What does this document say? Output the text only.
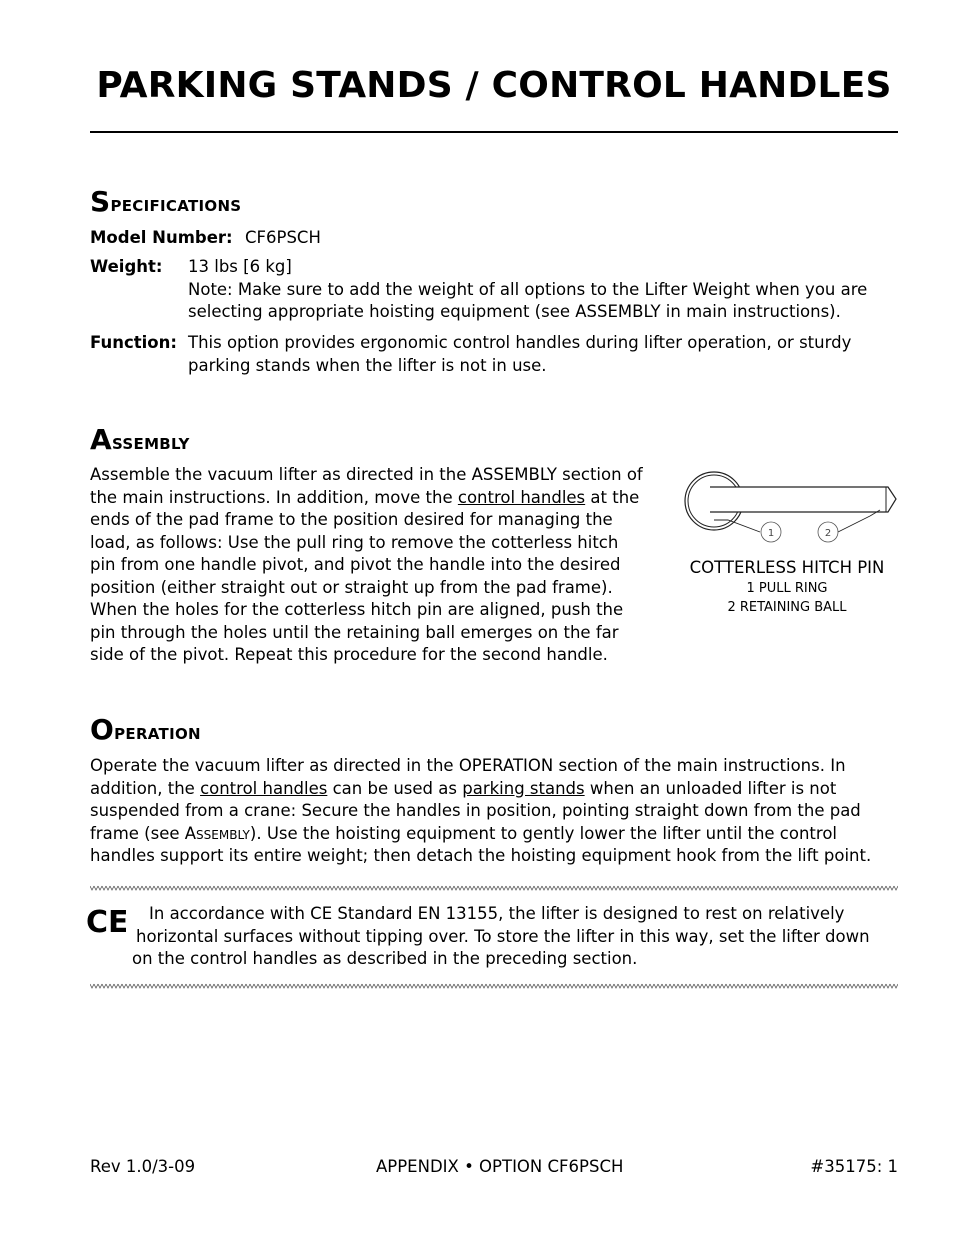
PARKING STANDS / CONTROL HANDLES
Specifications
Model Number: CF6PSCH
Weight: 13 lbs [6 kg]
Note: Make sure to add the weight of all options to the Lifter Weight when you are
selecting appropriate hoisting equipment (see ASSEMBLY in main instructions).
Function: This option provides ergonomic control handles during lifter operation, or sturdy
parking stands when the lifter is not in use.
Assembly
Assemble the vacuum lifter as directed in the ASSEMBLY section of
the main instructions. In addition, move the control handles at the
ends of the pad frame to the position desired for managing the
load, as follows: Use the pull ring to remove the cotterless hitch
pin from one handle pivot, and pivot the handle into the desired
position (either straight out or straight up from the pad frame).
When the holes for the cotterless hitch pin are aligned, push the
pin through the holes until the retaining ball emerges on the far
side of the pivot. Repeat this procedure for the second handle.
1	2
COTTERLESS HITCH PIN
1 PULL RING
2 RETAINING BALL
Operation
Operate the vacuum lifter as directed in the OPERATION section of the main instructions. In
addition, the control handles can be used as parking stands when an unloaded lifter is not
suspended from a crane: Secure the handles in position, pointing straight down from the pad
frame (see Assembly). Use the hoisting equipment to gently lower the lifter until the control
handles support its entire weight; then detach the hoisting equipment hook from the lift point.
CE	In accordance with CE Standard EN 13155, the lifter is designed to rest on relatively
horizontal surfaces without tipping over. To store the lifter in this way, set the lifter down
on the control handles as described in the preceding section.
Rev 1.0/3-09	APPENDIX • OPTION CF6PSCH	#35175: 1
